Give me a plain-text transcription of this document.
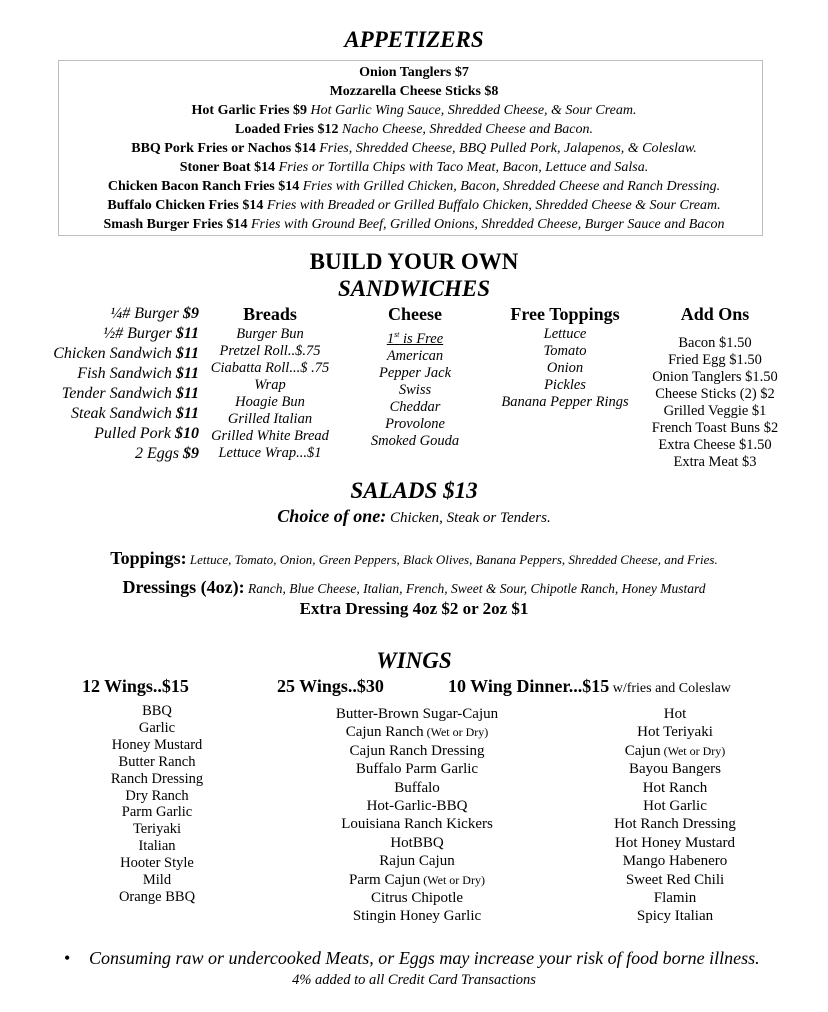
APPETIZERS
Onion Tanglers $7
Mozzarella Cheese Sticks $8
Hot Garlic Fries $9 Hot Garlic Wing Sauce, Shredded Cheese, & Sour Cream.
Loaded Fries $12 Nacho Cheese, Shredded Cheese and Bacon.
BBQ Pork Fries or Nachos $14 Fries, Shredded Cheese, BBQ Pulled Pork, Jalapenos, & Coleslaw.
Stoner Boat $14 Fries or Tortilla Chips with Taco Meat, Bacon, Lettuce and Salsa.
Chicken Bacon Ranch Fries $14 Fries with Grilled Chicken, Bacon, Shredded Cheese and Ranch Dressing.
Buffalo Chicken Fries $14 Fries with Breaded or Grilled Buffalo Chicken, Shredded Cheese & Sour Cream.
Smash Burger Fries $14 Fries with Ground Beef, Grilled Onions, Shredded Cheese, Burger Sauce and Bacon
BUILD YOUR OWN
SANDWICHES
¼# Burger $9
½# Burger $11
Chicken Sandwich $11
Fish Sandwich $11
Tender Sandwich $11
Steak Sandwich $11
Pulled Pork $10
2 Eggs $9
Breads
Burger Bun
Pretzel Roll..$.75
Ciabatta Roll...$ .75
Wrap
Hoagie Bun
Grilled Italian
Grilled White Bread
Lettuce Wrap...$1
Cheese
1st is Free
American
Pepper Jack
Swiss
Cheddar
Provolone
Smoked Gouda
Free Toppings
Lettuce
Tomato
Onion
Pickles
Banana Pepper Rings
Add Ons
Bacon $1.50
Fried Egg $1.50
Onion Tanglers $1.50
Cheese Sticks (2) $2
Grilled Veggie $1
French Toast Buns $2
Extra Cheese $1.50
Extra Meat $3
SALADS $13
Choice of one: Chicken, Steak or Tenders.
Toppings: Lettuce, Tomato, Onion, Green Peppers, Black Olives, Banana Peppers, Shredded Cheese, and Fries.
Dressings (4oz): Ranch, Blue Cheese, Italian, French, Sweet & Sour, Chipotle Ranch, Honey Mustard
Extra Dressing 4oz $2 or 2oz $1
WINGS
12 Wings..$15	25 Wings..$30	10 Wing Dinner...$15 w/fries and Coleslaw
BBQ
Garlic
Honey Mustard
Butter Ranch
Ranch Dressing
Dry Ranch
Parm Garlic
Teriyaki
Italian
Hooter Style
Mild
Orange BBQ
Butter-Brown Sugar-Cajun
Cajun Ranch (Wet or Dry)
Cajun Ranch Dressing
Buffalo Parm Garlic
Buffalo
Hot-Garlic-BBQ
Louisiana Ranch Kickers
HotBBQ
Rajun Cajun
Parm Cajun (Wet or Dry)
Citrus Chipotle
Stingin Honey Garlic
Hot
Hot Teriyaki
Cajun (Wet or Dry)
Bayou Bangers
Hot Ranch
Hot Garlic
Hot Ranch Dressing
Hot Honey Mustard
Mango Habenero
Sweet Red Chili
Flamin
Spicy Italian
• Consuming raw or undercooked Meats, or Eggs may increase your risk of food borne illness.
4% added to all Credit Card Transactions
